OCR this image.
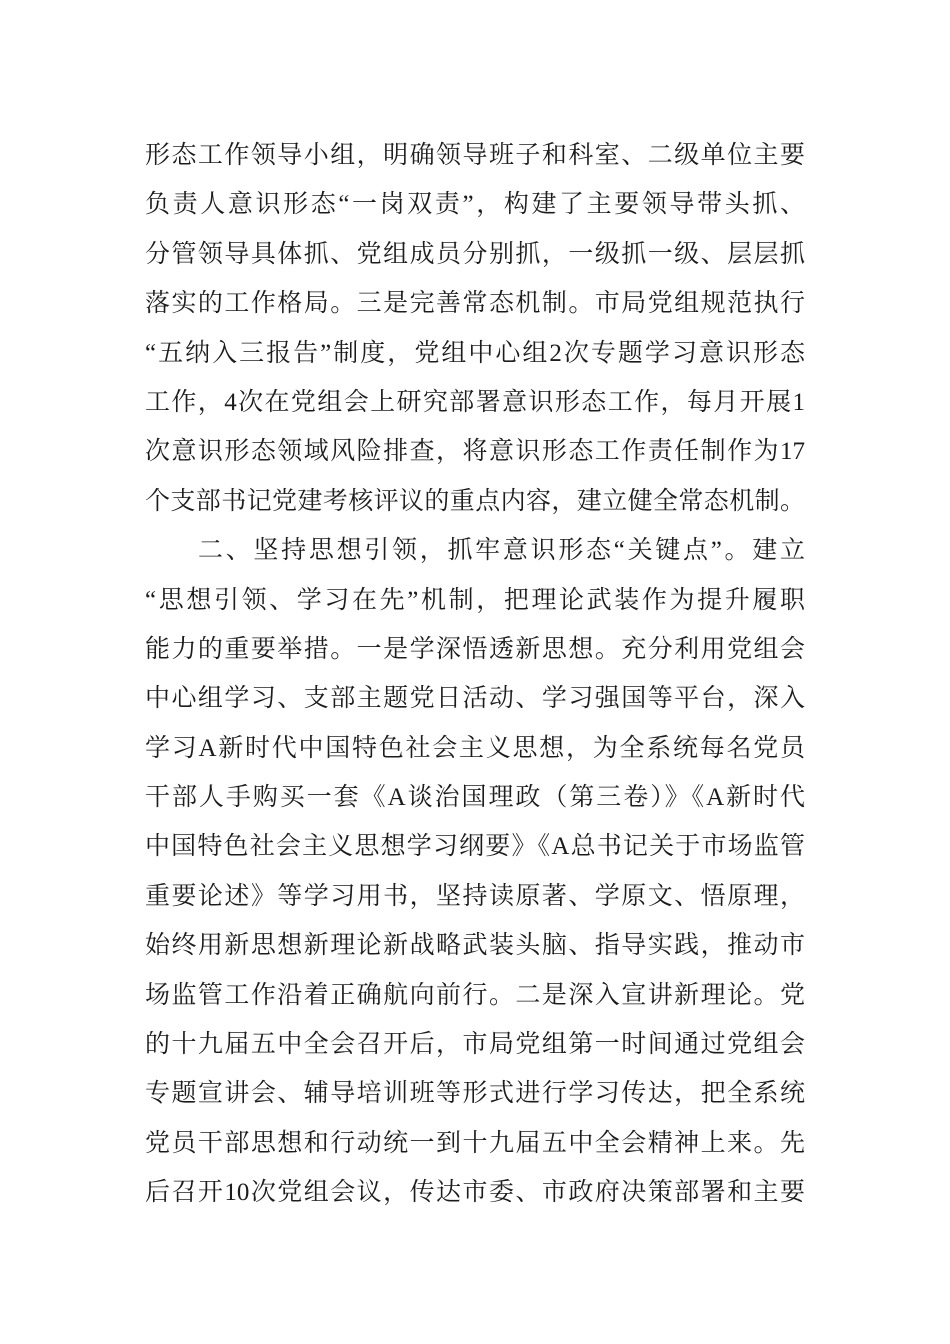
形态工作领导小组，明确领导班子和科室、二级单位主要
负责人意识形态“一岗双责”，构建了主要领导带头抓、
分管领导具体抓、党组成员分别抓，一级抓一级、层层抓
落实的工作格局。三是完善常态机制。市局党组规范执行
“五纳入三报告”制度，党组中心组2次专题学习意识形态
工作，4次在党组会上研究部署意识形态工作，每月开展1
次意识形态领域风险排查，将意识形态工作责任制作为17
个支部书记党建考核评议的重点内容，建立健全常态机制。
二、坚持思想引领，抓牢意识形态“关键点”。建立
“思想引领、学习在先”机制，把理论武装作为提升履职
能力的重要举措。一是学深悟透新思想。充分利用党组会
中心组学习、支部主题党日活动、学习强国等平台，深入
学习A新时代中国特色社会主义思想，为全系统每名党员
干部人手购买一套《A谈治国理政（第三卷）》《A新时代
中国特色社会主义思想学习纲要》《A总书记关于市场监管
重要论述》等学习用书，坚持读原著、学原文、悟原理，
始终用新思想新理论新战略武装头脑、指导实践，推动市
场监管工作沿着正确航向前行。二是深入宣讲新理论。党
的十九届五中全会召开后，市局党组第一时间通过党组会
专题宣讲会、辅导培训班等形式进行学习传达，把全系统
党员干部思想和行动统一到十九届五中全会精神上来。先
后召开10次党组会议，传达市委、市政府决策部署和主要
